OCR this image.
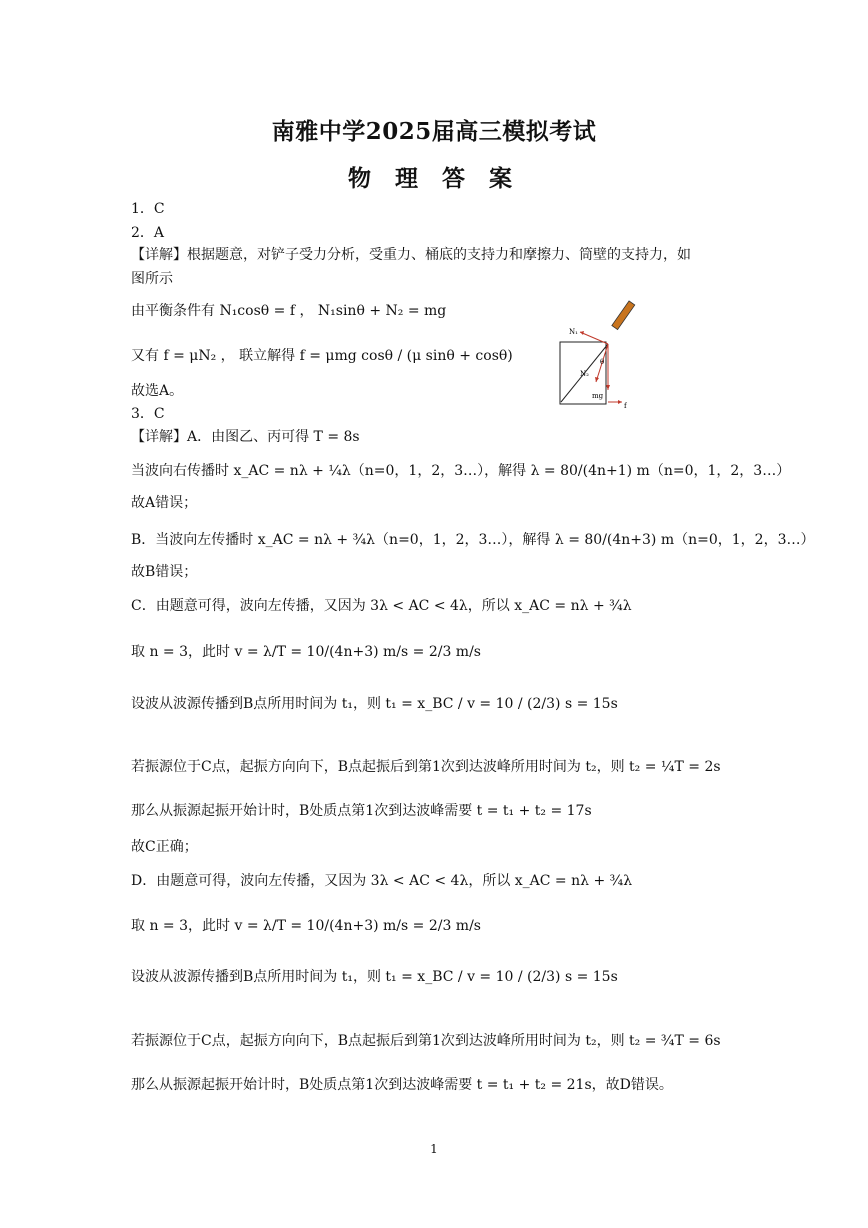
南雅中学2025届高三模拟考试
物 理 答 案
1．C
2．A
【详解】根据题意，对铲子受力分析，受重力、桶底的支持力和摩擦力、筒壁的支持力，如
图所示
由平衡条件有 N₁cosθ = f ， N₁sinθ + N₂ = mg
又有 f = μN₂ ， 联立解得 f = μmg cosθ / (μ sinθ + cosθ)
故选A。
3．C
【详解】A．由图乙、丙可得 T = 8s
当波向右传播时 x_AC = nλ + ¼λ（n=0，1，2，3…），解得 λ = 80/(4n+1) m（n=0，1，2，3…）
故A错误；
B．当波向左传播时 x_AC = nλ + ¾λ（n=0，1，2，3…），解得 λ = 80/(4n+3) m（n=0，1，2，3…）
故B错误；
C．由题意可得，波向左传播，又因为 3λ < AC < 4λ，所以 x_AC = nλ + ¾λ
取 n = 3，此时 v = λ/T = 10/(4n+3) m/s = 2/3 m/s
设波从波源传播到B点所用时间为 t₁，则 t₁ = x_BC / v = 10 / (2/3) s = 15s
若振源位于C点，起振方向向下，B点起振后到第1次到达波峰所用时间为 t₂，则 t₂ = ¼T = 2s
那么从振源起振开始计时，B处质点第1次到达波峰需要 t = t₁ + t₂ = 17s
故C正确；
D．由题意可得，波向左传播，又因为 3λ < AC < 4λ，所以 x_AC = nλ + ¾λ
取 n = 3，此时 v = λ/T = 10/(4n+3) m/s = 2/3 m/s
设波从波源传播到B点所用时间为 t₁，则 t₁ = x_BC / v = 10 / (2/3) s = 15s
若振源位于C点，起振方向向下，B点起振后到第1次到达波峰所用时间为 t₂，则 t₂ = ¾T = 6s
那么从振源起振开始计时，B处质点第1次到达波峰需要 t = t₁ + t₂ = 21s，故D错误。
N₁
N₂
θ
mg
f
1
